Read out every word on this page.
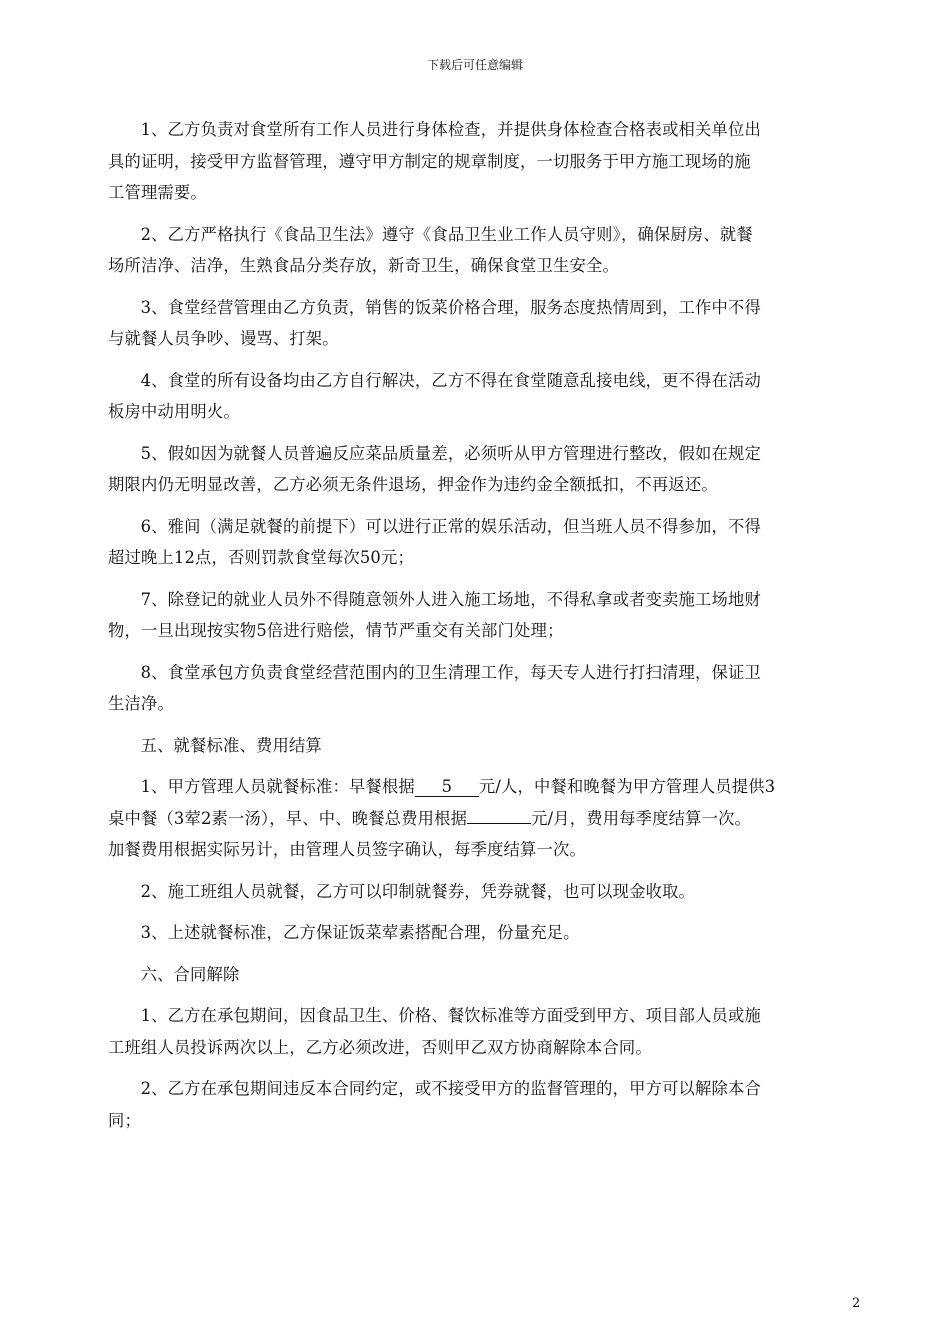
下载后可任意编辑

1、乙方负责对食堂所有工作人员进行身体检查，并提供身体检查合格表或相关单位出
具的证明，接受甲方监督管理，遵守甲方制定的规章制度，一切服务于甲方施工现场的施
工管理需要。

2、乙方严格执行《食品卫生法》遵守《食品卫生业工作人员守则》，确保厨房、就餐
场所洁净、洁净，生熟食品分类存放，新奇卫生，确保食堂卫生安全。

3、食堂经营管理由乙方负责，销售的饭菜价格合理，服务态度热情周到，工作中不得
与就餐人员争吵、谩骂、打架。

4、食堂的所有设备均由乙方自行解决，乙方不得在食堂随意乱接电线，更不得在活动
板房中动用明火。

5、假如因为就餐人员普遍反应菜品质量差，必须听从甲方管理进行整改，假如在规定
期限内仍无明显改善，乙方必须无条件退场，押金作为违约金全额抵扣，不再返还。

6、雅间（满足就餐的前提下）可以进行正常的娱乐活动，但当班人员不得参加，不得
超过晚上12点，否则罚款食堂每次50元；

7、除登记的就业人员外不得随意领外人进入施工场地，不得私拿或者变卖施工场地财
物，一旦出现按实物5倍进行赔偿，情节严重交有关部门处理；

8、食堂承包方负责食堂经营范围内的卫生清理工作，每天专人进行打扫清理，保证卫
生洁净。

五、就餐标准、费用结算

1、甲方管理人员就餐标准：早餐根据 5 元/人，中餐和晚餐为甲方管理人员提供3
桌中餐（3荤2素一汤），早、中、晚餐总费用根据	元/月，费用每季度结算一次。
加餐费用根据实际另计，由管理人员签字确认，每季度结算一次。

2、施工班组人员就餐，乙方可以印制就餐券，凭券就餐，也可以现金收取。

3、上述就餐标准，乙方保证饭菜荤素搭配合理，份量充足。

六、合同解除

1、乙方在承包期间，因食品卫生、价格、餐饮标准等方面受到甲方、项目部人员或施
工班组人员投诉两次以上，乙方必须改进，否则甲乙双方协商解除本合同。

2、乙方在承包期间违反本合同约定，或不接受甲方的监督管理的，甲方可以解除本合
同；

2
